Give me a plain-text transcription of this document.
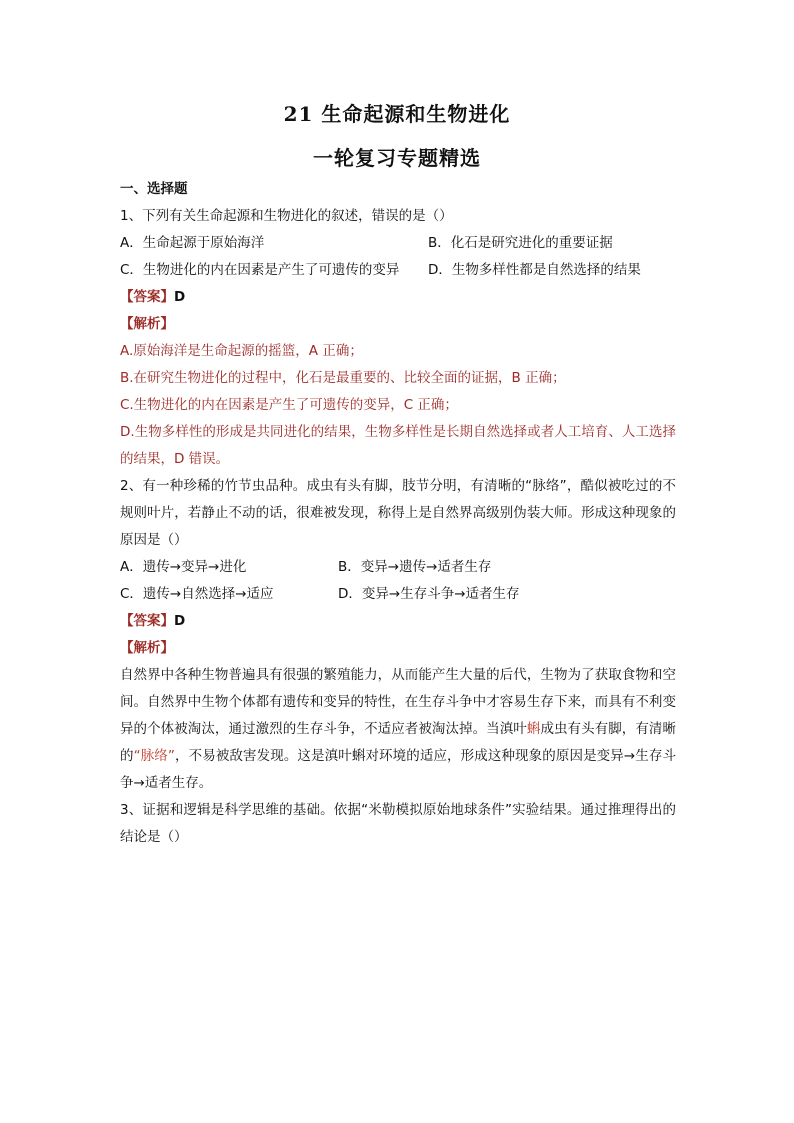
21 生命起源和生物进化
一轮复习专题精选
一、选择题
1、下列有关生命起源和生物进化的叙述，错误的是（）
A．生命起源于原始海洋	B．化石是研究进化的重要证据
C．生物进化的内在因素是产生了可遗传的变异	D．生物多样性都是自然选择的结果
【答案】D
【解析】
A.原始海洋是生命起源的摇篮，A 正确；
B.在研究生物进化的过程中，化石是最重要的、比较全面的证据，B 正确；
C.生物进化的内在因素是产生了可遗传的变异，C 正确；
D.生物多样性的形成是共同进化的结果，生物多样性是长期自然选择或者人工培育、人工选择的结果，D 错误。
2、有一种珍稀的竹节虫品种。成虫有头有脚，肢节分明，有清晰的“脉络”，酷似被吃过的不规则叶片，若静止不动的话，很难被发现，称得上是自然界高级别伪装大师。形成这种现象的原因是（）
A．遗传→变异→进化	B．变异→遗传→适者生存
C．遗传→自然选择→适应	D．变异→生存斗争→适者生存
【答案】D
【解析】
自然界中各种生物普遍具有很强的繁殖能力，从而能产生大量的后代，生物为了获取食物和空间。自然界中生物个体都有遗传和变异的特性，在生存斗争中才容易生存下来，而具有不利变异的个体被淘汰，通过激烈的生存斗争，不适应者被淘汰掉。当滇叶蝌成虫有头有脚，有清晰的“脉络”，不易被敌害发现。这是滇叶蝌对环境的适应，形成这种现象的原因是变异→生存斗争→适者生存。
3、证据和逻辑是科学思维的基础。依据“米勒模拟原始地球条件”实验结果。通过推理得出的结论是（）
